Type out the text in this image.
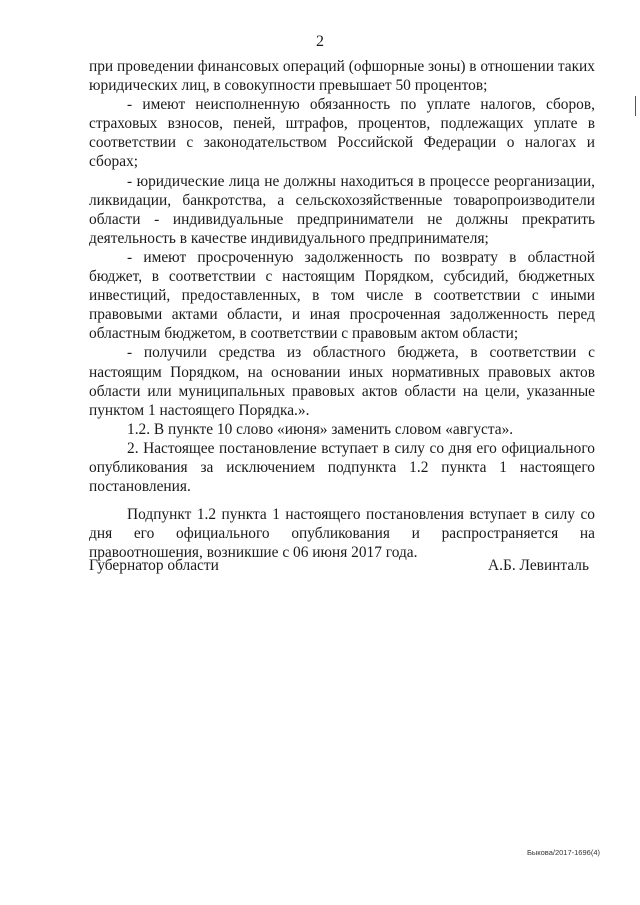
2

при проведении финансовых операций (офшорные зоны) в отношении таких юридических лиц, в совокупности превышает 50 процентов;

- имеют неисполненную обязанность по уплате налогов, сборов, страховых взносов, пеней, штрафов, процентов, подлежащих уплате в соответствии с законодательством Российской Федерации о налогах и сборах;

- юридические лица не должны находиться в процессе реорганизации, ликвидации, банкротства, а сельскохозяйственные товаропроизводители области - индивидуальные предприниматели не должны прекратить деятельность в качестве индивидуального предпринимателя;

- имеют просроченную задолженность по возврату в областной бюджет, в соответствии с настоящим Порядком, субсидий, бюджетных инвестиций, предоставленных, в том числе в соответствии с иными правовыми актами области, и иная просроченная задолженность перед областным бюджетом, в соответствии с правовым актом области;

- получили средства из областного бюджета, в соответствии с настоящим Порядком, на основании иных нормативных правовых актов области или муниципальных правовых актов области на цели, указанные пунктом 1 настоящего Порядка.».

1.2. В пункте 10 слово «июня» заменить словом «августа».

2. Настоящее постановление вступает в силу со дня его официального опубликования за исключением подпункта 1.2 пункта 1 настоящего постановления.

Подпункт 1.2 пункта 1 настоящего постановления вступает в силу со дня его официального опубликования и распространяется на правоотношения, возникшие с 06 июня 2017 года.

Губернатор области	А.Б. Левинталь
Быкова/2017-1696(4)
